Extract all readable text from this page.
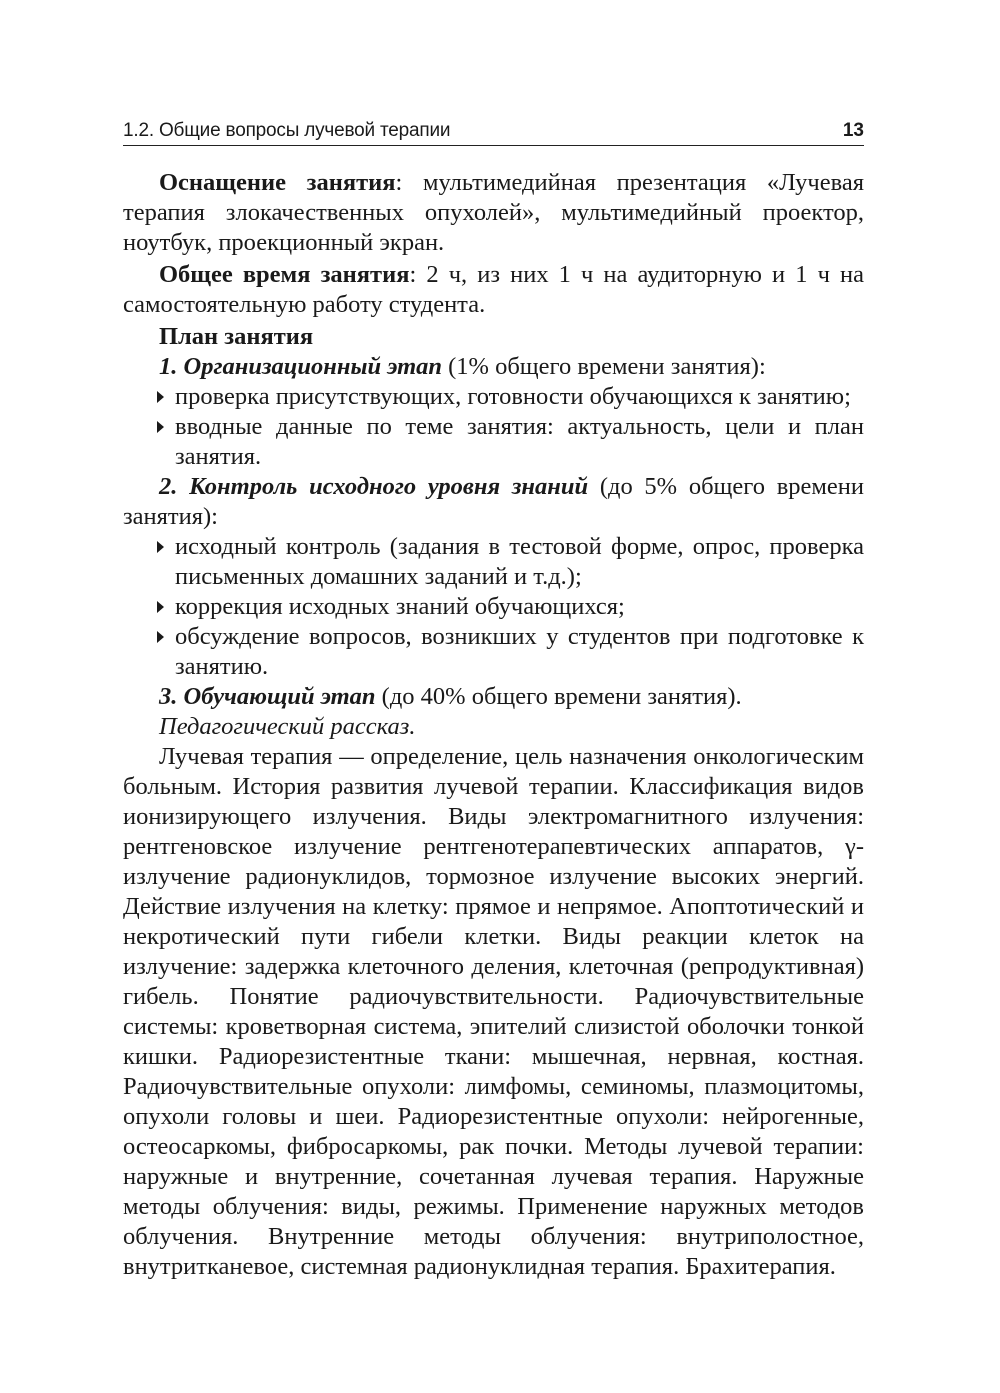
1.2. Общие вопросы лучевой терапии	13

Оснащение занятия: мультимедийная презентация «Лучевая терапия злокачественных опухолей», мультимедийный проектор, ноутбук, проекционный экран.

Общее время занятия: 2 ч, из них 1 ч на аудиторную и 1 ч на самостоятельную работу студента.

План занятия

1. Организационный этап (1% общего времени занятия):

проверка присутствующих, готовности обучающихся к занятию;

вводные данные по теме занятия: актуальность, цели и план занятия.

2. Контроль исходного уровня знаний (до 5% общего времени занятия):

исходный контроль (задания в тестовой форме, опрос, проверка письменных домашних заданий и т.д.);

коррекция исходных знаний обучающихся;

обсуждение вопросов, возникших у студентов при подготовке к занятию.

3. Обучающий этап (до 40% общего времени занятия).

Педагогический рассказ.

Лучевая терапия — определение, цель назначения онкологическим больным. История развития лучевой терапии. Классификация видов ионизирующего излучения. Виды электромагнитного излучения: рентгеновское излучение рентгенотерапевтических аппаратов, γ-излучение радионуклидов, тормозное излучение высоких энергий. Действие излучения на клетку: прямое и непрямое. Апоптотический и некротический пути гибели клетки. Виды реакции клеток на излучение: задержка клеточного деления, клеточная (репродуктивная) гибель. Понятие радиочувствительности. Радиочувствительные системы: кроветворная система, эпителий слизистой оболочки тонкой кишки. Радиорезистентные ткани: мышечная, нервная, костная. Радиочувствительные опухоли: лимфомы, семиномы, плазмоцитомы, опухоли головы и шеи. Радиорезистентные опухоли: нейрогенные, остеосаркомы, фибросаркомы, рак почки. Методы лучевой терапии: наружные и внутренние, сочетанная лучевая терапия. Наружные методы облучения: виды, режимы. Применение наружных методов облучения. Внутренние методы облучения: внутриполостное, внутритканевое, системная радионуклидная терапия. Брахитерапия.
